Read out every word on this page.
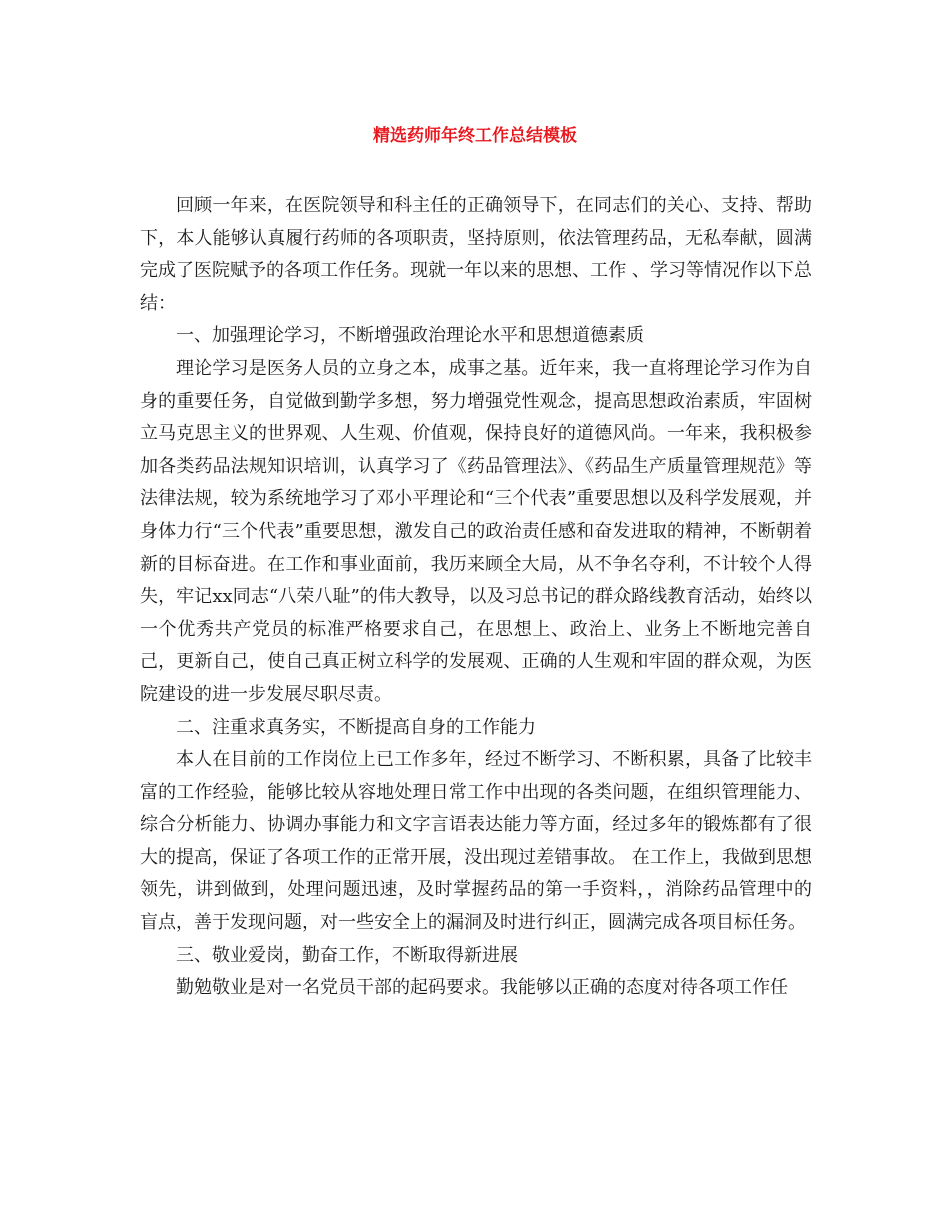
精选药师年终工作总结模板

回顾一年来，在医院领导和科主任的正确领导下，在同志们的关心、支持、帮助下，本人能够认真履行药师的各项职责，坚持原则，依法管理药品，无私奉献，圆满完成了医院赋予的各项工作任务。现就一年以来的思想、工作 、学习等情况作以下总结：

一、加强理论学习，不断增强政治理论水平和思想道德素质

理论学习是医务人员的立身之本，成事之基。近年来，我一直将理论学习作为自身的重要任务，自觉做到勤学多想，努力增强党性观念，提高思想政治素质，牢固树立马克思主义的世界观、人生观、价值观，保持良好的道德风尚。一年来，我积极参加各类药品法规知识培训，认真学习了《药品管理法》、《药品生产质量管理规范》等法律法规，较为系统地学习了邓小平理论和“三个代表”重要思想以及科学发展观，并身体力行“三个代表”重要思想，激发自己的政治责任感和奋发进取的精神，不断朝着新的目标奋进。在工作和事业面前，我历来顾全大局，从不争名夺利，不计较个人得失，牢记xx同志“八荣八耻”的伟大教导，以及习总书记的群众路线教育活动，始终以一个优秀共产党员的标准严格要求自己，在思想上、政治上、业务上不断地完善自己，更新自己，使自己真正树立科学的发展观、正确的人生观和牢固的群众观，为医院建设的进一步发展尽职尽责。

二、注重求真务实，不断提高自身的工作能力

本人在目前的工作岗位上已工作多年，经过不断学习、不断积累，具备了比较丰富的工作经验，能够比较从容地处理日常工作中出现的各类问题，在组织管理能力、综合分析能力、协调办事能力和文字言语表达能力等方面，经过多年的锻炼都有了很大的提高，保证了各项工作的正常开展，没出现过差错事故。 在工作上，我做到思想领先，讲到做到，处理问题迅速，及时掌握药品的第一手资料，，消除药品管理中的盲点，善于发现问题，对一些安全上的漏洞及时进行纠正，圆满完成各项目标任务。

三、敬业爱岗，勤奋工作，不断取得新进展

勤勉敬业是对一名党员干部的起码要求。我能够以正确的态度对待各项工作任
